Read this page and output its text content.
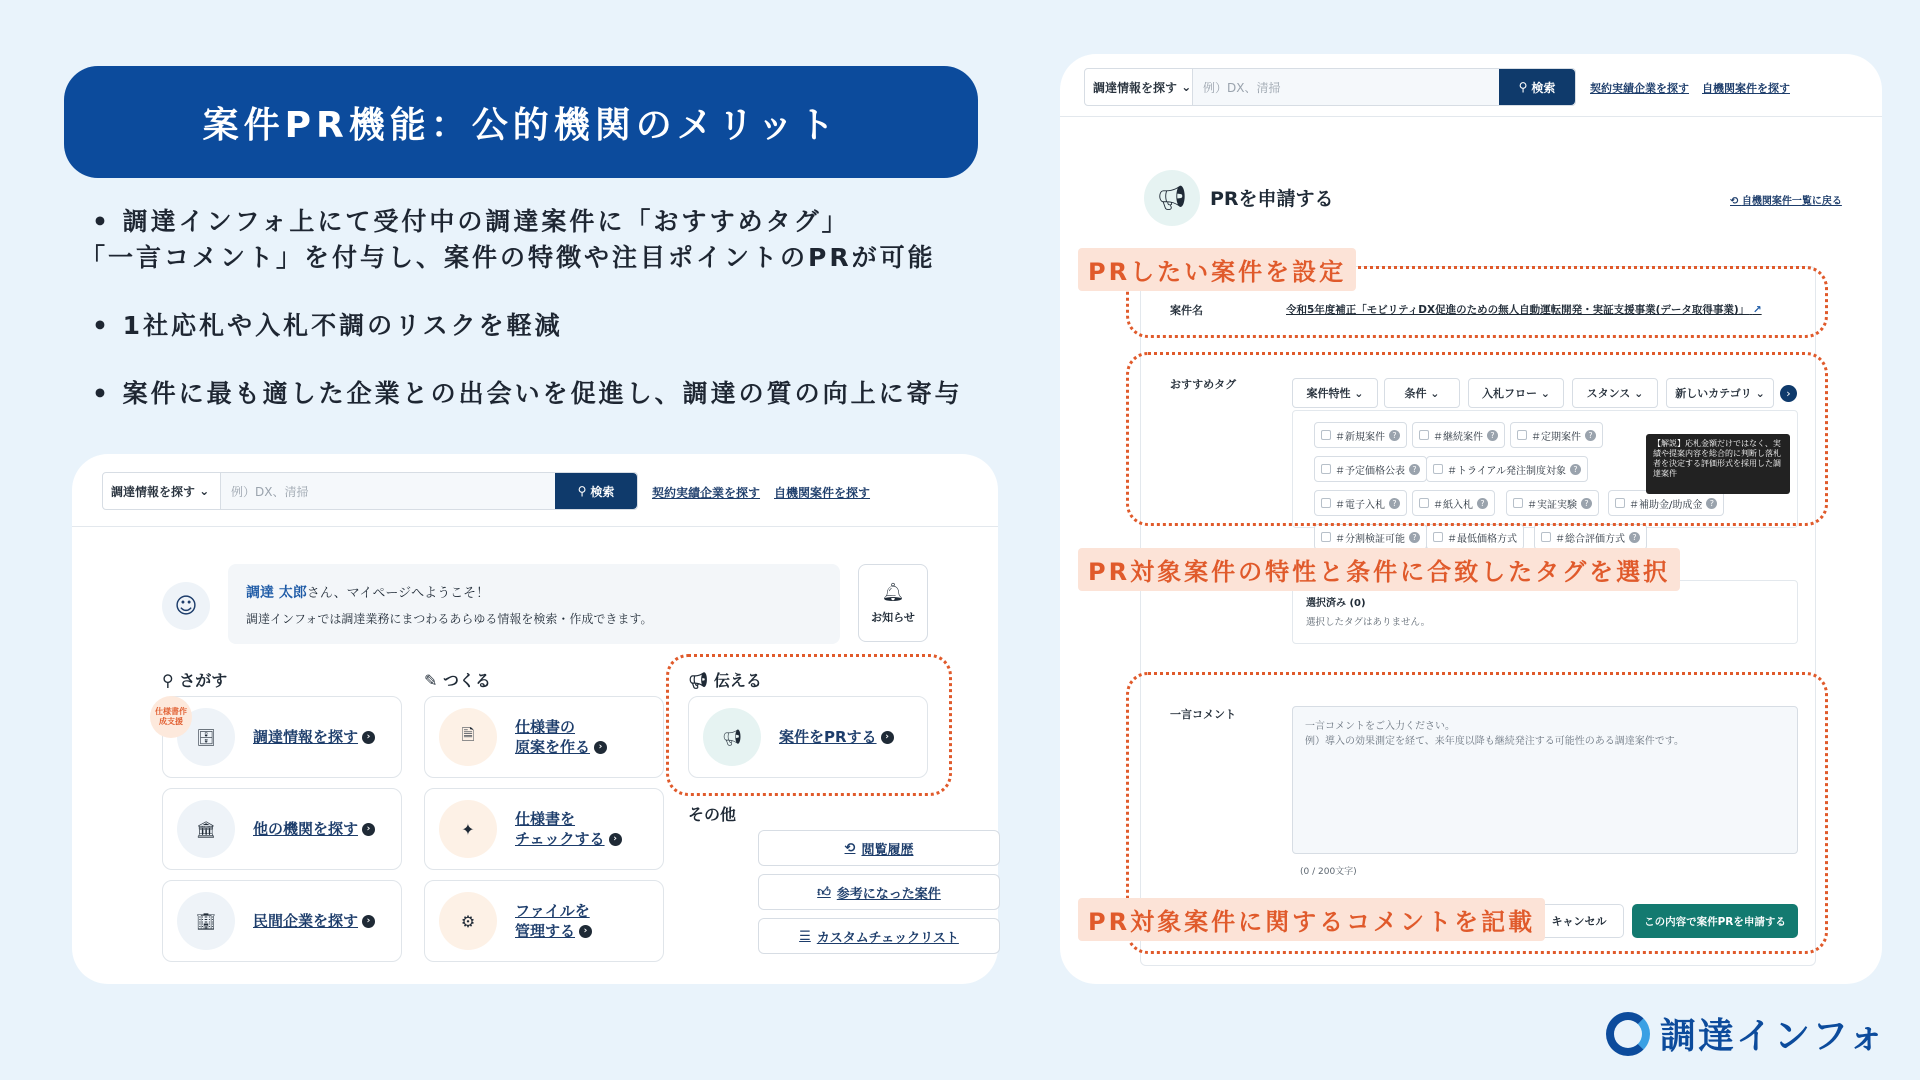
案件PR機能：公的機関のメリット
• 調達インフォ上にて受付中の調達案件に「おすすめタグ」
「一言コメント」を付与し、案件の特徴や注目ポイントのPRが可能
• 1社応札や入札不調のリスクを軽減
• 案件に最も適した企業との出会いを促進し、調達の質の向上に寄与
調達情報を探す ⌄	例）DX、清掃	⚲ 検索	契約実績企業を探す 自機関案件を探す
☺
調達 太郎さん、マイページへようこそ！
調達インフォでは調達業務にまつわるあらゆる情報を検索・作成できます。
🔔︎
お知らせ
⚲ さがす	✎ つくる	📢︎ 伝える
🗄︎	調達情報を探す ›
仕様書作成支援
🏛︎	他の機関を探す ›
🏢︎	民間企業を探す ›
🗎	仕様書の
原案を作る ›
✦
仕様書を
チェックする ›
⚙
ファイルを
管理する ›
📢︎	案件をPRする ›
その他
⟲ 閲覧履歴
👍︎ 参考になった案件
☰ カスタムチェックリスト
調達情報を探す ⌄ 例）DX、清掃	⚲ 検索	契約実績企業を探す 自機関案件を探す
📢︎	PRを申請する	⟲ 自機関案件一覧に戻る
案件名	令和5年度補正「モビリティDX促進のための無人自動運転開発・実証支援事業(データ取得事業)」 ↗
おすすめタグ
案件特性 ⌄	条件 ⌄	入札フロー ⌄	スタンス ⌄	新しいカテゴリ ⌄	›
＃新規案件 ?	＃継続案件 ?	＃定期案件 ?
＃予定価格公表 ?	＃トライアル発注制度対象 ?
＃電子入札 ?	＃紙入札 ?	＃実証実験 ?	＃補助金/助成金 ?
＃分割検証可能 ?	＃最低価格方式	＃総合評価方式 ?
【解説】応札金額だけではなく、実績や提案内容を総合的に判断し落札者を決定する評価形式を採用した調達案件
選択済み (0)
選択したタグはありません。
一言コメント
一言コメントをご入力ください。
例）導入の効果測定を経て、来年度以降も継続発注する可能性のある調達案件です。
(0 / 200文字)
キャンセル	この内容で案件PRを申請する
PRしたい案件を設定
PR対象案件の特性と条件に合致したタグを選択
PR対象案件に関するコメントを記載
調達インフォ
